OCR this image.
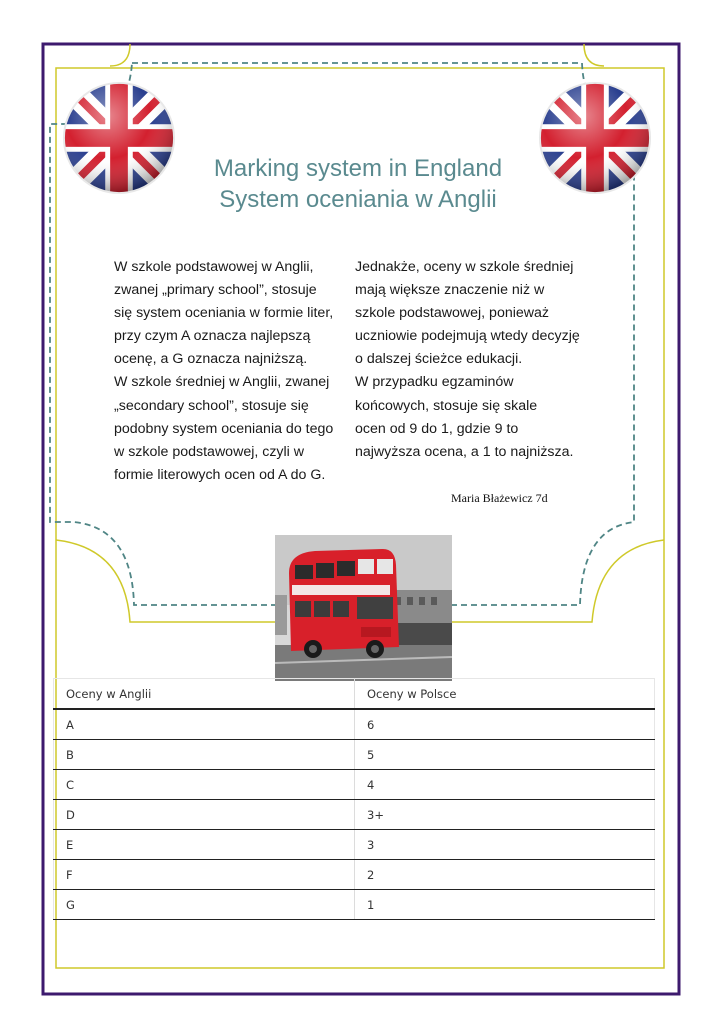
Marking system in England
System oceniania w Anglii
W szkole podstawowej w Anglii,
zwanej „primary school”, stosuje
się system oceniania w formie liter,
przy czym A oznacza najlepszą
ocenę, a G oznacza najniższą.
W szkole średniej w Anglii, zwanej
„secondary school”, stosuje się
podobny system oceniania do tego
w szkole podstawowej, czyli w
formie literowych ocen od A do G.
Jednakże, oceny w szkole średniej
mają większe znaczenie niż w
szkole podstawowej, ponieważ
uczniowie podejmują wtedy decyzję
o dalszej ścieżce edukacji.
W przypadku egzaminów
końcowych, stosuje się skale
ocen od 9 do 1, gdzie 9 to
najwyższa ocena, a 1 to najniższa.
Maria Błażewicz 7d
Oceny w Anglii	Oceny w Polsce
A	6
B	5
C	4
D	3+
E	3
F	2
G	1
